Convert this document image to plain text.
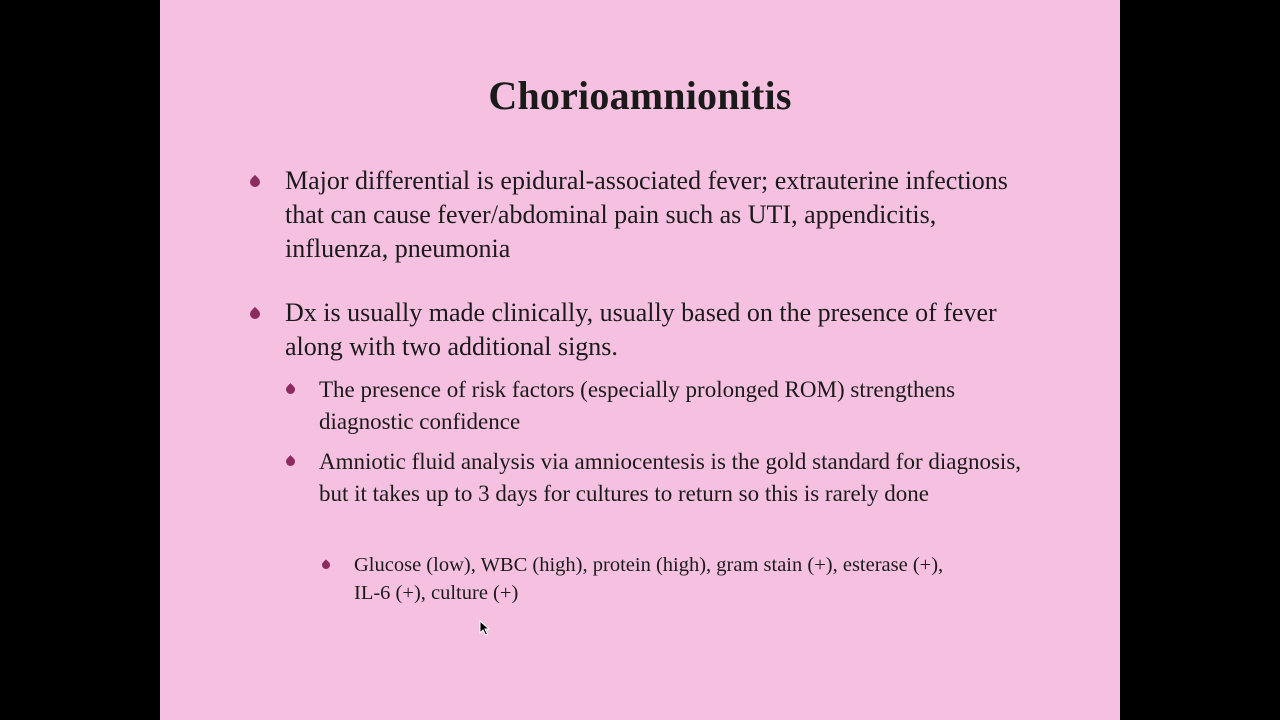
Chorioamnionitis
Major differential is epidural-associated fever; extrauterine infections that can cause fever/abdominal pain such as UTI, appendicitis, influenza, pneumonia
Dx is usually made clinically, usually based on the presence of fever along with two additional signs.
The presence of risk factors (especially prolonged ROM) strengthens diagnostic confidence
Amniotic fluid analysis via amniocentesis is the gold standard for diagnosis, but it takes up to 3 days for cultures to return so this is rarely done
Glucose (low), WBC (high), protein (high), gram stain (+), esterase (+), IL-6 (+), culture (+)
